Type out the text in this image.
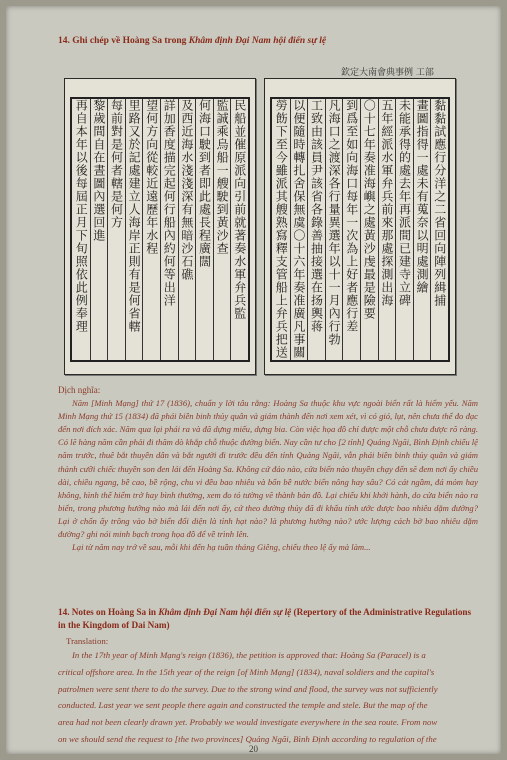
14. Ghi chép về Hoàng Sa trong Khâm định Đại Nam hội điển sự lệ
再自本年以後每屆正月下旬照依此例奉理 黎歲間自在晝圖內選回進 每前對是何者轄是何方 里路又於記處建立人海岸正則有是何省轄 望何方向從較近遠歷年水程 詳加香度描完起何行船內約何等出洋 及西近海水淺淺深有無暗沙石礁 何海口駛到者即此處長程廣闊 監誠乘烏船一艘駛到黃沙查 民船並催原派向引前就著奏水軍弁兵監
欽定大南會典事例 工部
勞飭下至今雖派其艘熟寫釋支管船上弁兵把送 以便隨時轉扎舍保無虞〇十六年奏准廣凡事關 工致由該員尹該省各錄善抽接選在扬輿蒋 凡海口之渡深各行量異選年以十一月內行勃 到爲至如向海口每年一次為上好者應行差 〇十七年奏准海嶼之處黃沙虔最是險要 五年經派水軍弁兵前來那處探測出海 未能承得的處去年再派間已建寺立碑 畫圖指得一處未有蒐奈以明處測繪 黏黏試應行分洋之二省回向陣列緝捕

Dịch nghĩa:

Năm [Minh Mạng] thứ 17 (1836), chuẩn y lời tâu rằng: Hoàng Sa thuộc khu vực ngoài biển rất là hiểm yếu. Năm Minh Mạng thứ 15 (1834) đã phái biền binh thủy quân và giám thành đến nơi xem xét, vì có gió, lụt, nên chưa thể đo đạc đến nơi đích xác. Năm qua lại phái ra và đã dựng miếu, dựng bia. Còn việc họa đồ chỉ được một chỗ chưa được rõ ràng. Có lẽ hàng năm cần phải đi thăm dò khắp chỗ thuộc đường biển. Nay cần tư cho [2 tỉnh] Quảng Ngãi, Bình Định chiếu lệ năm trước, thuê bắt thuyền dân và bắt người đi trước đều đến tỉnh Quảng Ngãi, vẫn phái biền binh thủy quân và giám thành cưỡi chiếc thuyền son đen lái đến Hoàng Sa. Không cứ đảo nào, cửa biển nào thuyền chạy đến sẽ đem nơi ấy chiều dài, chiều ngang, bề cao, bề rộng, chu vi đều bao nhiêu và bốn bề nước biển nông hay sâu? Có cát ngầm, đá mỏm hay không, hình thế hiểm trở hay bình thường, xem đo tỏ tường vẽ thành bản đồ. Lại chiếu khi khởi hành, do cửa biển nào ra biển, trong phương hướng nào mà lái đến nơi ấy, cứ theo đường thủy đã đi khấu tính ước được bao nhiêu dặm đường? Lại ở chốn ấy trông vào bờ biển đối diện là tỉnh hạt nào? là phương hướng nào? ước lượng cách bờ bao nhiêu dặm đường? ghi nói minh bạch trong họa đồ để về trình lên.

Lại từ năm nay trở về sau, mỗi khi đến hạ tuần tháng Giêng, chiếu theo lệ ấy mà làm...

14. Notes on Hoàng Sa in Khâm định Đại Nam hội điển sự lệ (Repertory of the Administrative Regulations in the Kingdom of Dai Nam)
Translation:
In the 17th year of Minh Mạng's reign (1836), the petition is approved that: Hoàng Sa (Paracel) is a
critical offshore area. In the 15th year of the reign [of Minh Mạng] (1834), naval soldiers and the capital's
patrolmen were sent there to do the survey. Due to the strong wind and flood, the survey was not sufficiently
conducted. Last year we sent people there again and constructed the temple and stele. But the map of the
area had not been clearly drawn yet. Probably we would investigate everywhere in the sea route. From now
on we should send the request to [the two provinces] Quảng Ngãi, Bình Định according to regulation of the
20
